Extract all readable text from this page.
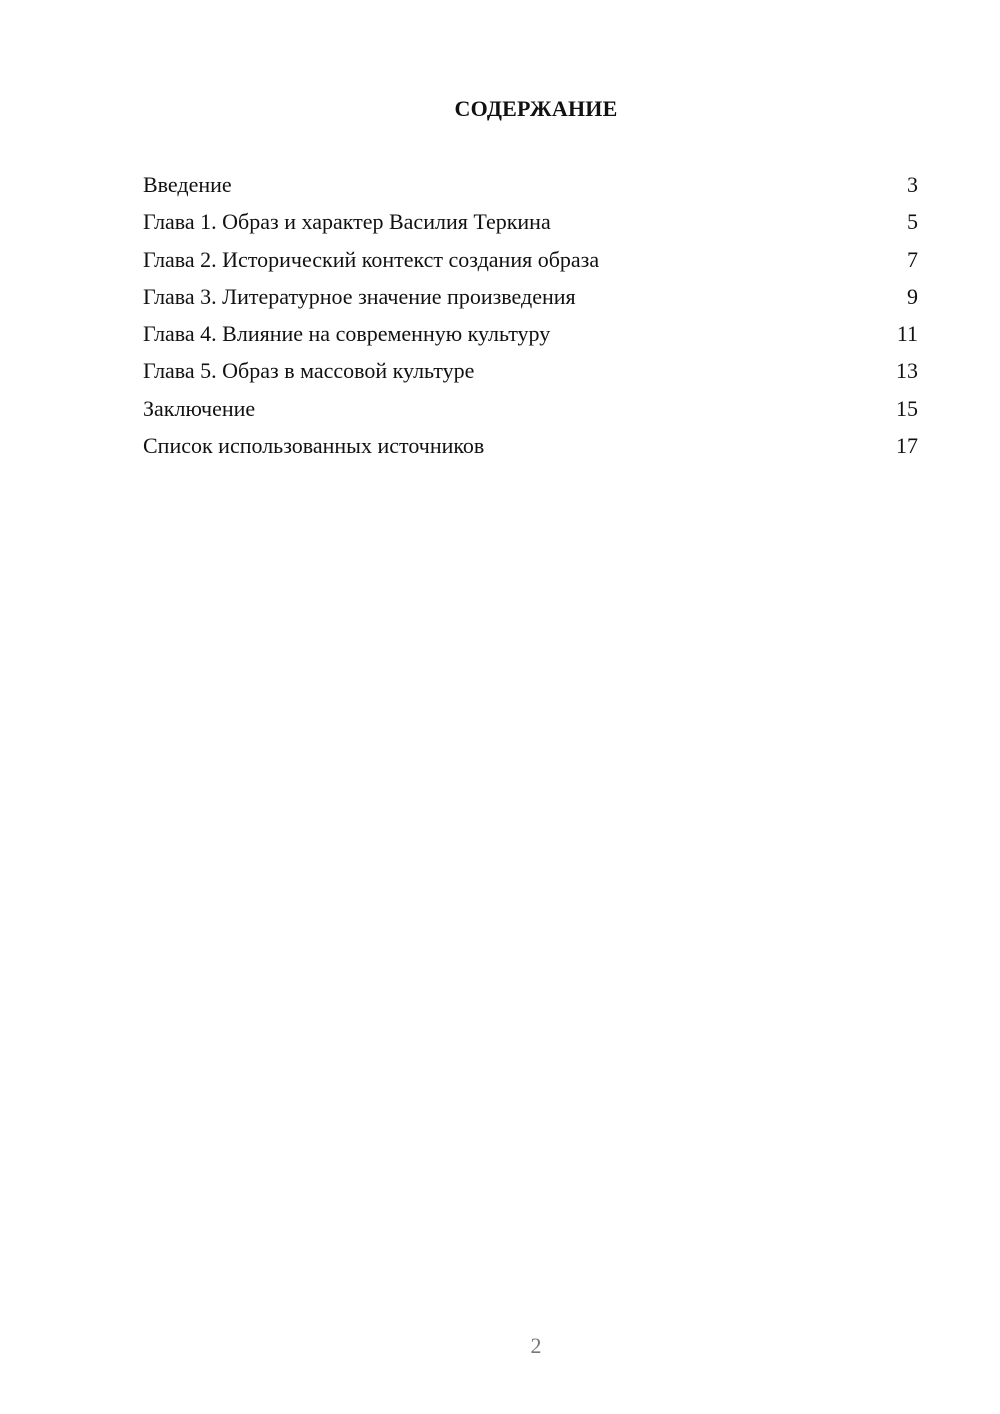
СОДЕРЖАНИЕ
Введение	3
Глава 1. Образ и характер Василия Теркина	5
Глава 2. Исторический контекст создания образа	7
Глава 3. Литературное значение произведения	9
Глава 4. Влияние на современную культуру	11
Глава 5. Образ в массовой культуре	13
Заключение	15
Список использованных источников	17
2
